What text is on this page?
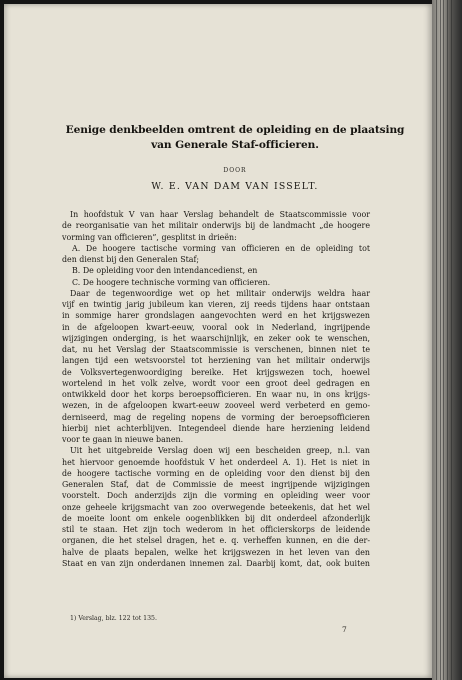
Eenige denkbeelden omtrent de opleiding en de plaatsing
van Generale Staf-officieren.
DOOR
W. E. VAN DAM VAN ISSELT.
In hoofdstuk V van haar Verslag behandelt de Staatscommissie voor
de reorganisatie van het militair onderwijs bij de landmacht „de hoogere
vorming van officieren”, gesplitst in drieën:
A. De hoogere tactische vorming van officieren en de opleiding tot
den dienst bij den Generalen Staf;
B. De opleiding voor den intendancedienst, en
C. De hoogere technische vorming van officieren.
Daar de tegenwoordige wet op het militair onderwijs weldra haar
vijf en twintig jarig jubileum kan vieren, zij reeds tijdens haar ontstaan
in sommige harer grondslagen aangevochten werd en het krijgswezen
in de afgeloopen kwart-eeuw, vooral ook in Nederland, ingrijpende
wijzigingen onderging, is het waarschijnlijk, en zeker ook te wenschen,
dat, nu het Verslag der Staatscommissie is verschenen, binnen niet te
langen tijd een wetsvoorstel tot herziening van het militair onderwijs
de Volksvertegenwoordiging bereike. Het krijgswezen toch, hoewel
wortelend in het volk zelve, wordt voor een groot deel gedragen en
ontwikkeld door het korps beroepsofficieren. En waar nu, in ons krijgs-
wezen, in de afgeloopen kwart-eeuw zooveel werd verbeterd en gemo-
derniseerd, mag de regeling nopens de vorming der beroepsofficieren
hierbij niet achterblijven. Integendeel diende hare herziening leidend
voor te gaan in nieuwe banen.
Uit het uitgebreide Verslag doen wij een bescheiden greep, n.l. van
het hiervoor genoemde hoofdstuk V het onderdeel A. 1). Het is niet in
de hoogere tactische vorming en de opleiding voor den dienst bij den
Generalen Staf, dat de Commissie de meest ingrijpende wijzigingen
voorstelt. Doch anderzijds zijn die vorming en opleiding weer voor
onze geheele krijgsmacht van zoo overwegende beteekenis, dat het wel
de moeite loont om enkele oogenblikken bij dit onderdeel afzonderlijk
stil te staan. Het zijn toch wederom in het officierskorps de leidende
organen, die het stelsel dragen, het e. q. verheffen kunnen, en die der-
halve de plaats bepalen, welke het krijgswezen in het leven van den
Staat en van zijn onderdanen innemen zal. Daarbij komt, dat, ook buiten
1) Verslag, blz. 122 tot 135.
7
